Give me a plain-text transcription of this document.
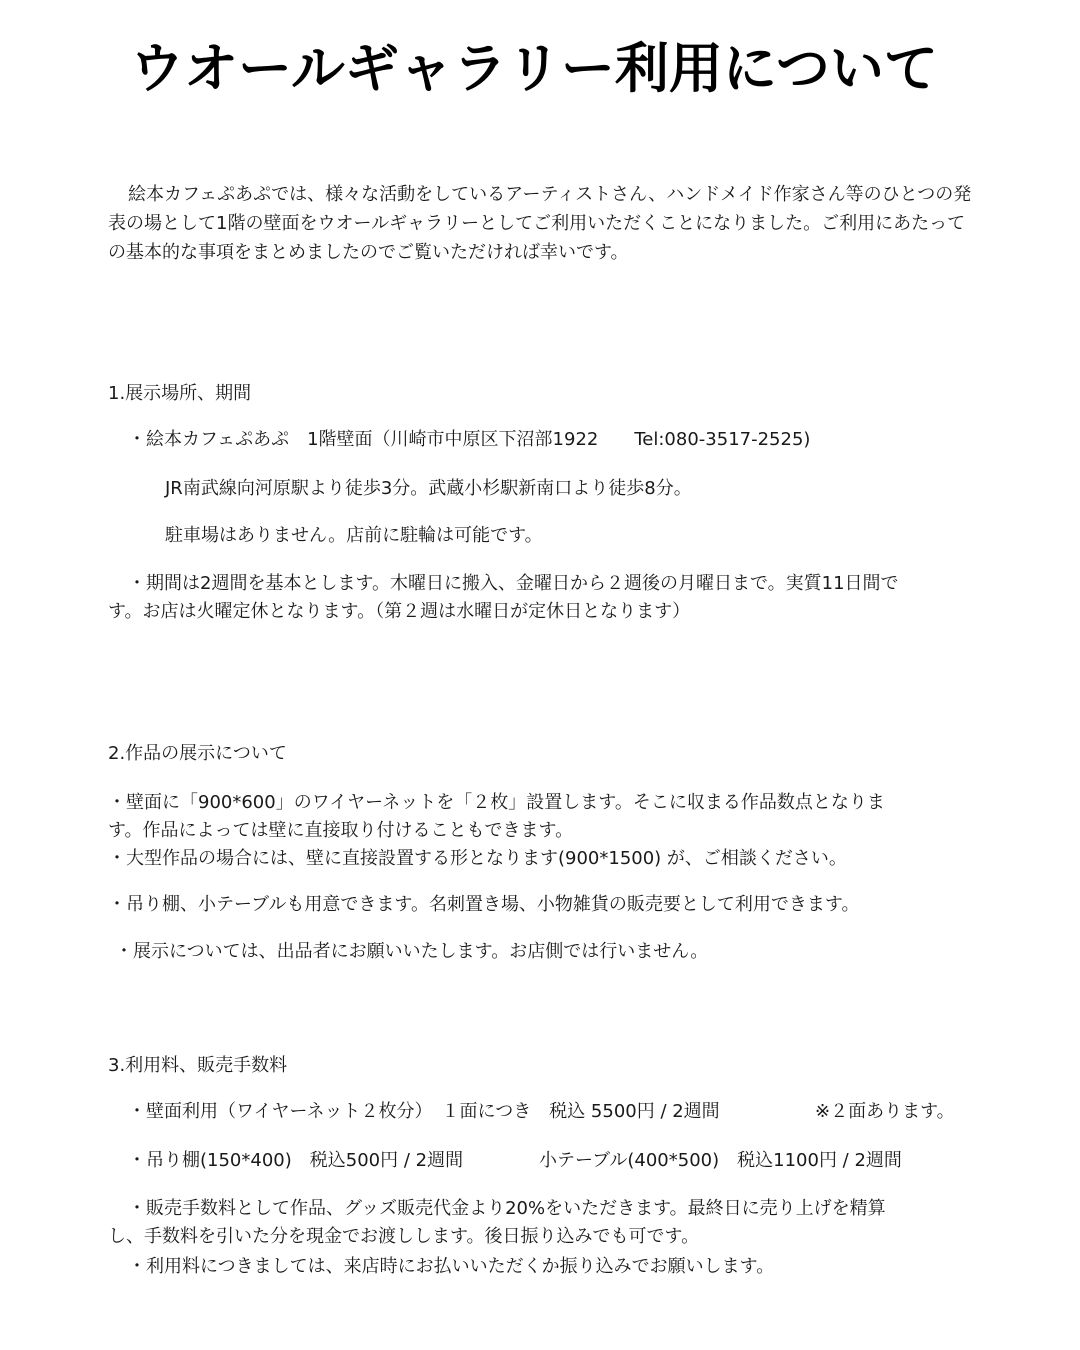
ウオールギャラリー利用について

絵本カフェぷあぷでは、様々な活動をしているアーティストさん、ハンドメイド作家さん等のひとつの発表の場として1階の壁面をウオールギャラリーとしてご利用いただくことになりました。ご利用にあたっての基本的な事項をまとめましたのでご覧いただければ幸いです。

1.展示場所、期間

・絵本カフェぷあぷ　1階壁面（川崎市中原区下沼部1922　　Tel:080-3517-2525)

JR南武線向河原駅より徒歩3分。武蔵小杉駅新南口より徒歩8分。

駐車場はありません。店前に駐輪は可能です。

・期間は2週間を基本とします。木曜日に搬入、金曜日から２週後の月曜日まで。実質11日間で

す。お店は火曜定休となります。（第２週は水曜日が定休日となります）

2.作品の展示について

・壁面に「900*600」のワイヤーネットを「２枚」設置します。そこに収まる作品数点となりま

す。作品によっては壁に直接取り付けることもできます。

・大型作品の場合には、壁に直接設置する形となります(900*1500) が、ご相談ください。

・吊り棚、小テーブルも用意できます。名刺置き場、小物雑貨の販売要として利用できます。

・展示については、出品者にお願いいたします。お店側では行いません。

3.利用料、販売手数料

・壁面利用（ワイヤーネット２枚分）　１面につき　税込 5500円 / 2週間	※２面あります。

・吊り棚(150*400)　税込500円 / 2週間	小テーブル(400*500)　税込1100円 / 2週間

・販売手数料として作品、グッズ販売代金より20%をいただきます。最終日に売り上げを精算

し、手数料を引いた分を現金でお渡しします。後日振り込みでも可です。

・利用料につきましては、来店時にお払いいただくか振り込みでお願いします。
